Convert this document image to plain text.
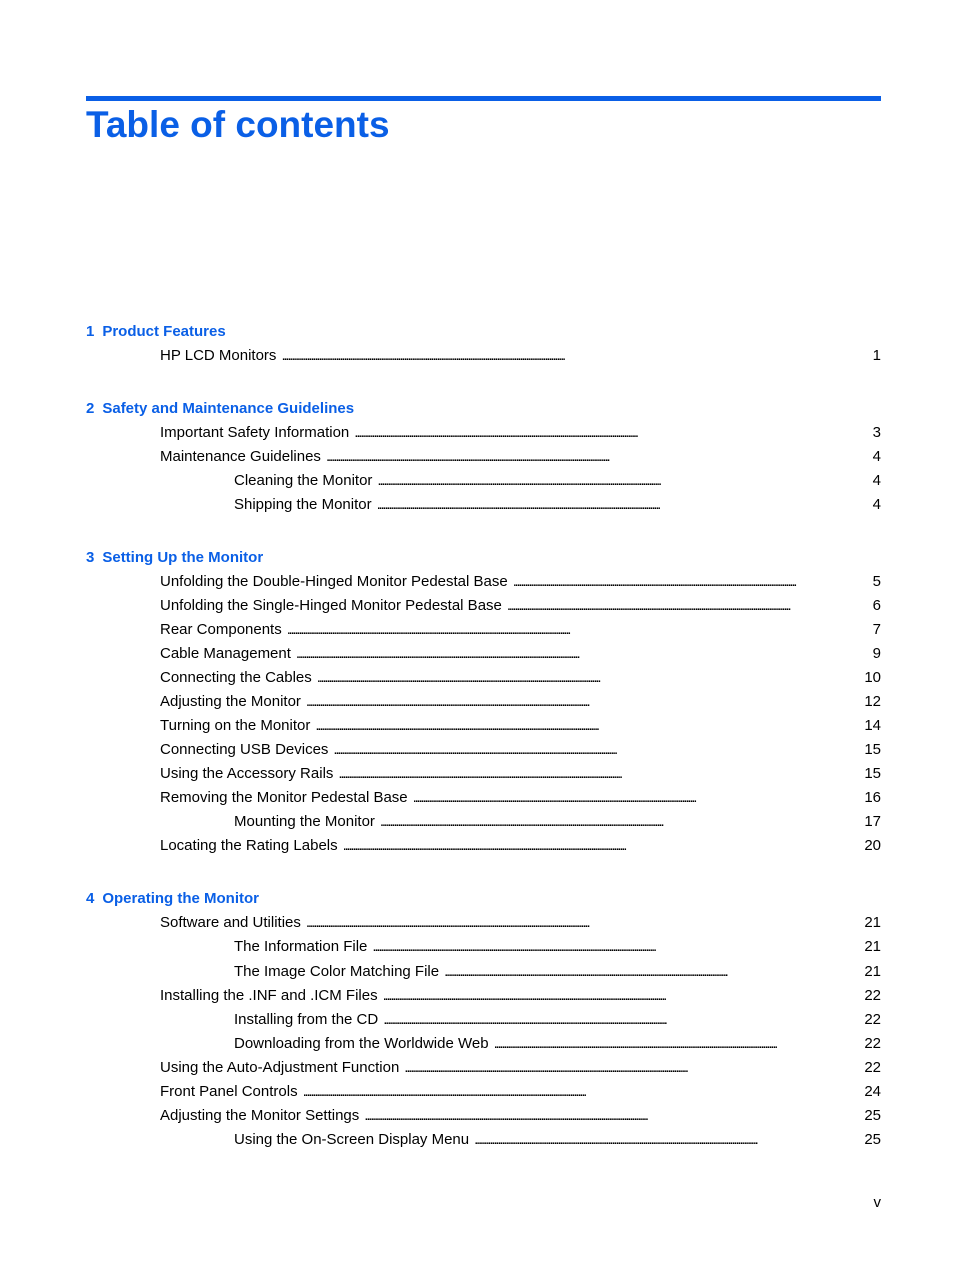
Table of contents
1 Product Features
HP LCD Monitors . . .	1
2 Safety and Maintenance Guidelines
Important Safety Information . . .	3
Maintenance Guidelines . . .	4
Cleaning the Monitor . . .	4
Shipping the Monitor . . .	4
3 Setting Up the Monitor
Unfolding the Double-Hinged Monitor Pedestal Base . . .	5
Unfolding the Single-Hinged Monitor Pedestal Base . . .	6
Rear Components . . .	7
Cable Management . . .	9
Connecting the Cables . . .	10
Adjusting the Monitor . . .	12
Turning on the Monitor . . .	14
Connecting USB Devices . . .	15
Using the Accessory Rails . . .	15
Removing the Monitor Pedestal Base . . .	16
Mounting the Monitor . . .	17
Locating the Rating Labels . . .	20
4 Operating the Monitor
Software and Utilities . . .	21
The Information File . . .	21
The Image Color Matching File . . .	21
Installing the .INF and .ICM Files . . .	22
Installing from the CD . . .	22
Downloading from the Worldwide Web . . .	22
Using the Auto-Adjustment Function . . .	22
Front Panel Controls . . .	24
Adjusting the Monitor Settings . . .	25
Using the On-Screen Display Menu . . .	25
v
